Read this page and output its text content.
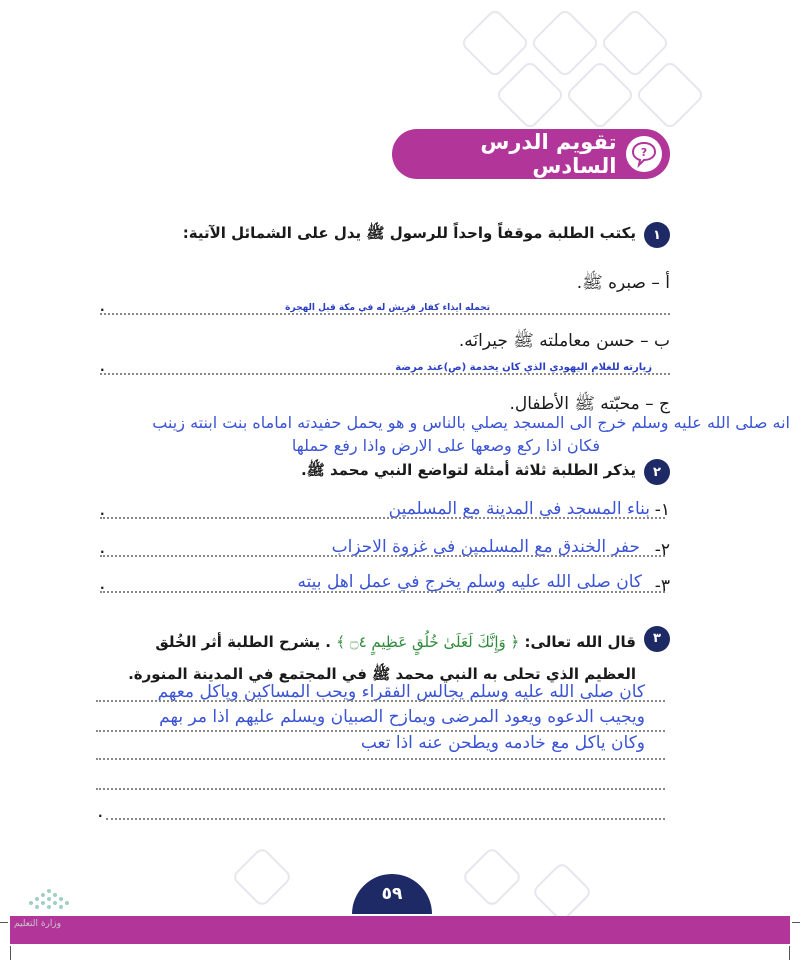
?
تقويم الدرس السادس
١
يكتب الطلبة موقفاً واحداً للرسول ﷺ يدل على الشمائل الآتية:
أ – صبره ﷺ.
تحمله ايذاء كفار قريش له في مكة قبل الهجرة
.
ب – حسن معاملته ﷺ جيرانَه.
زيارته للغلام اليهودي الذي كان يخدمة (ص)عند مرضة
.
ج – محبّته ﷺ الأطفال.
انه صلى الله عليه وسلم خرج الى المسجد يصلي بالناس و هو يحمل حفيدته اماماه بنت ابنته زينب
فكان اذا ركع وصعها على الارض واذا رفع حملها
٢
يذكر الطلبة ثلاثة أمثلة لتواضع النبي محمد ﷺ.
١-
بناء المسجد في المدينة مع المسلمين
.
٢-
حفر الخندق مع المسلمين في غزوة الاحزاب
.
٣-
كان صلى الله عليه وسلم يخرج في عمل اهل بيته
.
٣
قال الله تعالى: ﴿ وَإِنَّكَ لَعَلَىٰ خُلُقٍ عَظِيمٍ ۝٤ ﴾ . يشرح الطلبة أثر الخُلق العظيم الذي تحلى به النبي محمد ﷺ في المجتمع في المدينة المنورة.
كان صلى الله عليه وسلم يجالس الفقراء ويحب المساكين وياكل معهم
ويجيب الدعوه ويعود المرضى ويمازح الصبيان ويسلم عليهم اذا مر بهم
وكان ياكل مع خادمه ويطحن عنه اذا تعب
.
٥٩
وزارة التعليم
